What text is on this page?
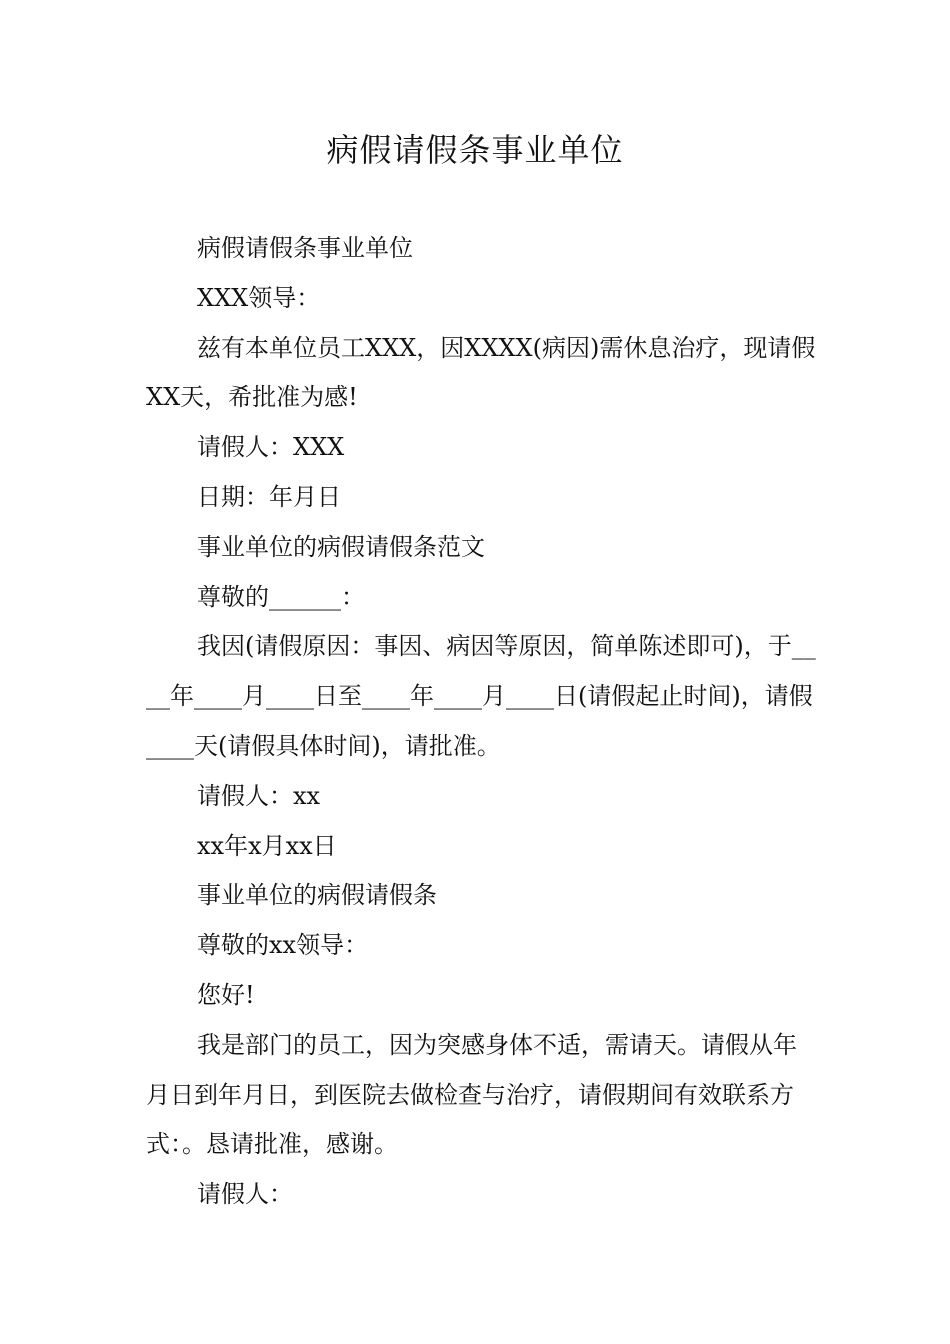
病假请假条事业单位

病假请假条事业单位

XXX领导：

兹有本单位员工XXX，因XXXX(病因)需休息治疗，现请假XX天，希批准为感!

请假人：XXX

日期：年月日

事业单位的病假请假条范文

尊敬的______：

我因(请假原因：事因、病因等原因，简单陈述即可)，于____年____月____日至____年____月____日(请假起止时间)，请假____天(请假具体时间)，请批准。

请假人：xx

xx年x月xx日

事业单位的病假请假条

尊敬的xx领导：

您好!

我是部门的员工，因为突感身体不适，需请天。请假从年月日到年月日，到医院去做检查与治疗，请假期间有效联系方式：。恳请批准，感谢。

请假人：
